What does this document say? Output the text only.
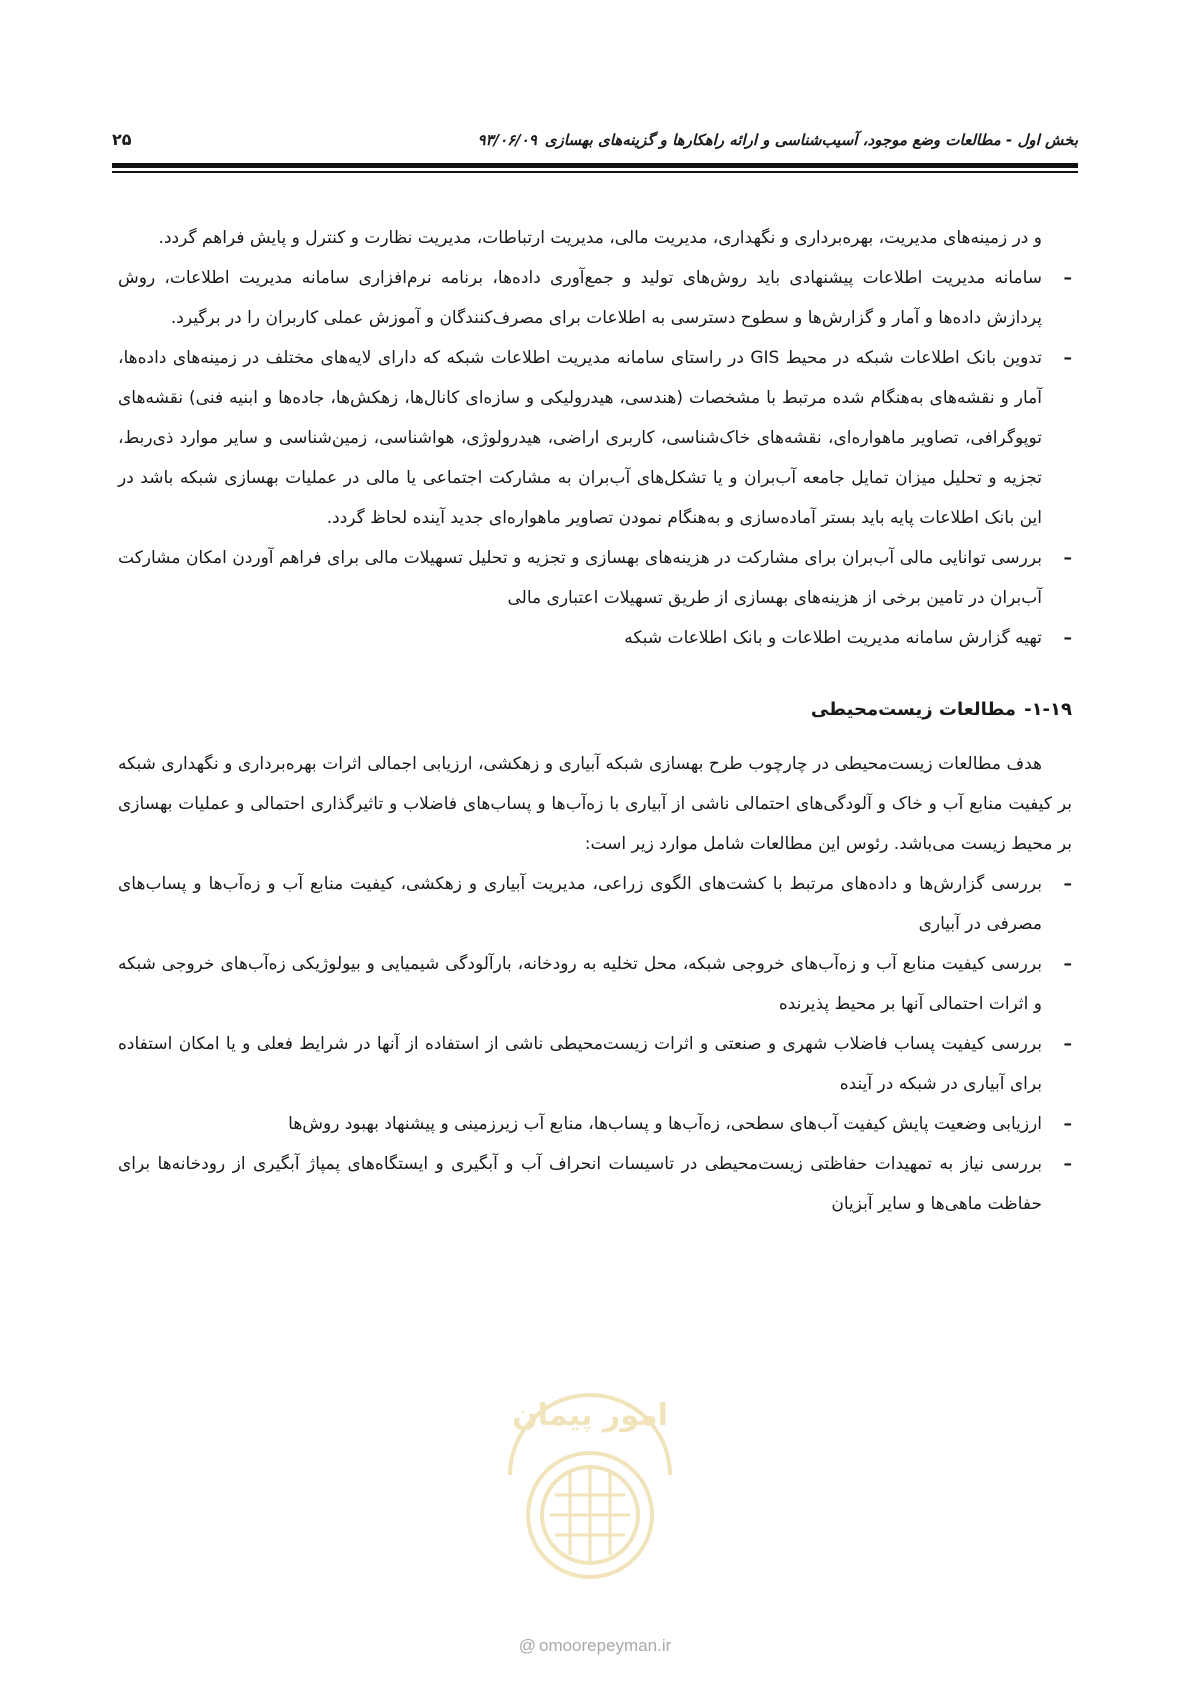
بخش اول - مطالعات وضع موجود، آسیب‌شناسی و ارائه راهکارها و گزینه‌های بهسازی۹۳/۰۶/۰۹
۲۵

و در زمینه‌های مدیریت، بهره‌برداری و نگهداری، مدیریت مالی، مدیریت ارتباطات، مدیریت نظارت و کنترل و پایش فراهم گردد.

–
سامانه مدیریت اطلاعات پیشنهادی باید روش‌های تولید و جمع‌آوری داده‌ها، برنامه نرم‌افزاری سامانه مدیریت اطلاعات، روش پردازش داده‌ها و آمار و گزارش‌ها و سطوح دسترسی به اطلاعات برای مصرف‌کنندگان و آموزش عملی کاربران را در برگیرد.
–
تدوین بانک اطلاعات شبکه در محیط GIS در راستای سامانه مدیریت اطلاعات شبکه که دارای لایه‌های مختلف در زمینه‌های داده‌ها، آمار و نقشه‌های به‌هنگام شده مرتبط با مشخصات (هندسی، هیدرولیکی و سازه‌ای کانال‌ها، زهکش‌ها، جاده‌ها و ابنیه فنی) نقشه‌های توپوگرافی، تصاویر ماهواره‌ای، نقشه‌های خاک‌شناسی، کاربری اراضی، هیدرولوژی، هواشناسی، زمین‌شناسی و سایر موارد ذی‌ربط، تجزیه و تحلیل میزان تمایل جامعه آب‌بران و یا تشکل‌های آب‌بران به مشارکت اجتماعی یا مالی در عملیات بهسازی شبکه باشد در این بانک اطلاعات پایه باید بستر آماده‌سازی و به‌هنگام نمودن تصاویر ماهواره‌ای جدید آینده لحاظ گردد.
–
بررسی توانایی مالی آب‌بران برای مشارکت در هزینه‌های بهسازی و تجزیه و تحلیل تسهیلات مالی برای فراهم آوردن امکان مشارکت آب‌بران در تامین برخی از هزینه‌های بهسازی از طریق تسهیلات اعتباری مالی
–
تهیه گزارش سامانه مدیریت اطلاعات و بانک اطلاعات شبکه
۱-۱۹-مطالعات زیست‌محیطی

هدف مطالعات زیست‌محیطی در چارچوب طرح بهسازی شبکه آبیاری و زهکشی، ارزیابی اجمالی اثرات بهره‌برداری و نگهداری شبکه بر کیفیت منابع آب و خاک و آلودگی‌های احتمالی ناشی از آبیاری با زه‌آب‌ها و پساب‌های فاضلاب و تاثیرگذاری احتمالی و عملیات بهسازی بر محیط زیست می‌باشد. رئوس این مطالعات شامل موارد زیر است:

–
بررسی گزارش‌ها و داده‌های مرتبط با کشت‌های الگوی زراعی، مدیریت آبیاری و زهکشی، کیفیت منابع آب و زه‌آب‌ها و پساب‌های مصرفی در آبیاری
–
بررسی کیفیت منابع آب و زه‌آب‌های خروجی شبکه، محل تخلیه به رودخانه، بارآلودگی شیمیایی و بیولوژیکی زه‌آب‌های خروجی شبکه و اثرات احتمالی آنها بر محیط پذیرنده
–
بررسی کیفیت پساب فاضلاب شهری و صنعتی و اثرات زیست‌محیطی ناشی از استفاده از آنها در شرایط فعلی و یا امکان استفاده برای آبیاری در شبکه در آینده
–
ارزیابی وضعیت پایش کیفیت آب‌های سطحی، زه‌آب‌ها و پساب‌ها، منابع آب زیرزمینی و پیشنهاد بهبود روش‌ها
–
بررسی نیاز به تمهیدات حفاظتی زیست‌محیطی در تاسیسات انحراف آب و آبگیری و ایستگاه‌های پمپاژ آبگیری از رودخانه‌ها برای حفاظت ماهی‌ها و سایر آبزیان
امور پیمان
@ omoorepeyman.ir
